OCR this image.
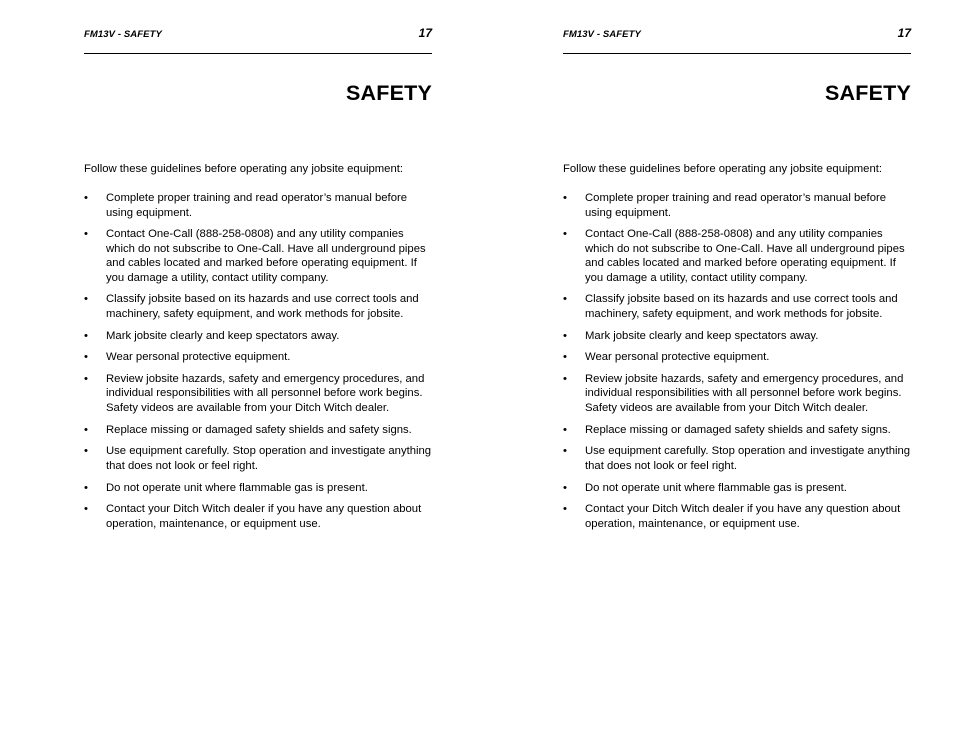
FM13V - SAFETY	17
SAFETY

Follow these guidelines before operating any jobsite equipment:

• Complete proper training and read operator’s manual before using equipment.
• Contact One-Call (888-258-0808) and any utility companies which do not subscribe to One-Call. Have all underground pipes and cables located and marked before operating equipment. If you damage a utility, contact utility company.
• Classify jobsite based on its hazards and use correct tools and machinery, safety equipment, and work methods for jobsite.
• Mark jobsite clearly and keep spectators away.
• Wear personal protective equipment.
• Review jobsite hazards, safety and emergency procedures, and individual responsibilities with all personnel before work begins. Safety videos are available from your Ditch Witch dealer.
• Replace missing or damaged safety shields and safety signs.
• Use equipment carefully. Stop operation and investigate anything that does not look or feel right.
• Do not operate unit where flammable gas is present.
• Contact your Ditch Witch dealer if you have any question about operation, maintenance, or equipment use.
FM13V - SAFETY	17
SAFETY

Follow these guidelines before operating any jobsite equipment:

• Complete proper training and read operator’s manual before using equipment.
• Contact One-Call (888-258-0808) and any utility companies which do not subscribe to One-Call. Have all underground pipes and cables located and marked before operating equipment. If you damage a utility, contact utility company.
• Classify jobsite based on its hazards and use correct tools and machinery, safety equipment, and work methods for jobsite.
• Mark jobsite clearly and keep spectators away.
• Wear personal protective equipment.
• Review jobsite hazards, safety and emergency procedures, and individual responsibilities with all personnel before work begins. Safety videos are available from your Ditch Witch dealer.
• Replace missing or damaged safety shields and safety signs.
• Use equipment carefully. Stop operation and investigate anything that does not look or feel right.
• Do not operate unit where flammable gas is present.
• Contact your Ditch Witch dealer if you have any question about operation, maintenance, or equipment use.
